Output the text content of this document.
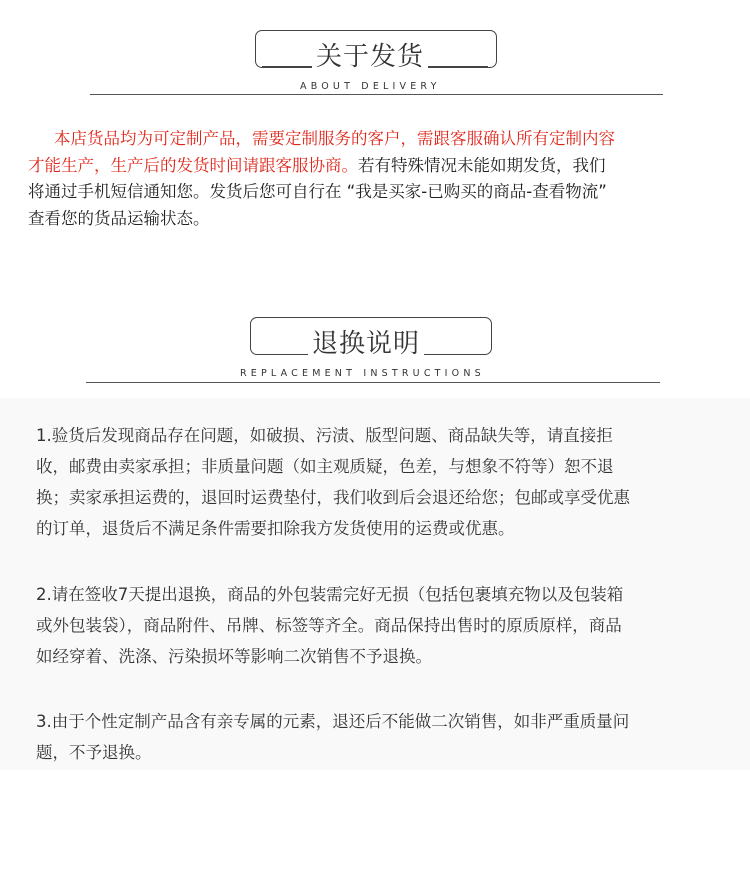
关于发货
ABOUT DELIVERY
本店货品均为可定制产品，需要定制服务的客户，需跟客服确认所有定制内容
才能生产，生产后的发货时间请跟客服协商。若有特殊情况未能如期发货，我们
将通过手机短信通知您。发货后您可自行在 “我是买家-已购买的商品-查看物流”
查看您的货品运输状态。
退换说明
REPLACEMENT INSTRUCTIONS
1.验货后发现商品存在问题，如破损、污渍、版型问题、商品缺失等，请直接拒
收，邮费由卖家承担；非质量问题（如主观质疑，色差，与想象不符等）恕不退
换；卖家承担运费的，退回时运费垫付，我们收到后会退还给您；包邮或享受优惠
的订单，退货后不满足条件需要扣除我方发货使用的运费或优惠。
2.请在签收7天提出退换，商品的外包装需完好无损（包括包裹填充物以及包装箱
或外包装袋），商品附件、吊牌、标签等齐全。商品保持出售时的原质原样，商品
如经穿着、洗涤、污染损坏等影响二次销售不予退换。
3.由于个性定制产品含有亲专属的元素，退还后不能做二次销售，如非严重质量问
题，不予退换。
